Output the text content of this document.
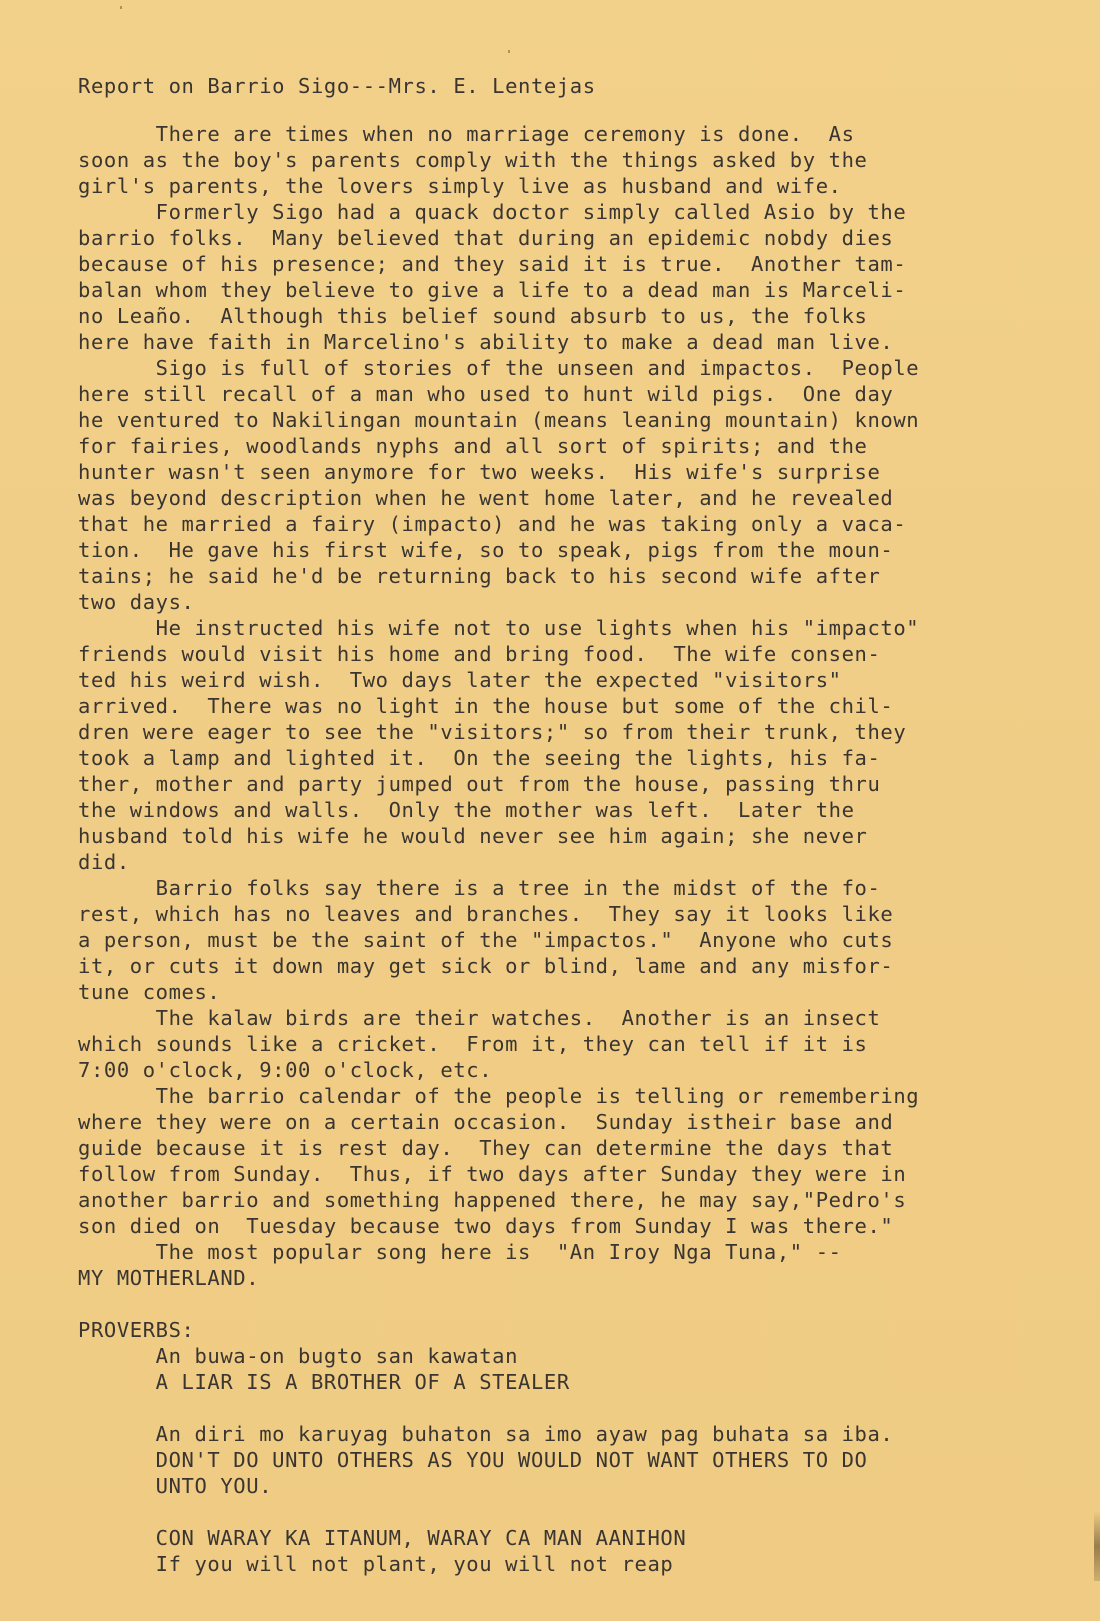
Report on Barrio Sigo---Mrs. E. Lentejas
There are times when no marriage ceremony is done.  As
soon as the boy's parents comply with the things asked by the
girl's parents, the lovers simply live as husband and wife.
Formerly Sigo had a quack doctor simply called Asio by the
barrio folks.  Many believed that during an epidemic nobdy dies
because of his presence; and they said it is true.  Another tam-
balan whom they believe to give a life to a dead man is Marceli-
no Leaño.  Although this belief sound absurb to us, the folks
here have faith in Marcelino's ability to make a dead man live.
Sigo is full of stories of the unseen and impactos.  People
here still recall of a man who used to hunt wild pigs.  One day
he ventured to Nakilingan mountain (means leaning mountain) known
for fairies, woodlands nyphs and all sort of spirits; and the
hunter wasn't seen anymore for two weeks.  His wife's surprise
was beyond description when he went home later, and he revealed
that he married a fairy (impacto) and he was taking only a vaca-
tion.  He gave his first wife, so to speak, pigs from the moun-
tains; he said he'd be returning back to his second wife after
two days.
He instructed his wife not to use lights when his "impacto"
friends would visit his home and bring food.  The wife consen-
ted his weird wish.  Two days later the expected "visitors"
arrived.  There was no light in the house but some of the chil-
dren were eager to see the "visitors;" so from their trunk, they
took a lamp and lighted it.  On the seeing the lights, his fa-
ther, mother and party jumped out from the house, passing thru
the windows and walls.  Only the mother was left.  Later the
husband told his wife he would never see him again; she never
did.
Barrio folks say there is a tree in the midst of the fo-
rest, which has no leaves and branches.  They say it looks like
a person, must be the saint of the "impactos."  Anyone who cuts
it, or cuts it down may get sick or blind, lame and any misfor-
tune comes.
The kalaw birds are their watches.  Another is an insect
which sounds like a cricket.  From it, they can tell if it is
7:00 o'clock, 9:00 o'clock, etc.
The barrio calendar of the people is telling or remembering
where they were on a certain occasion.  Sunday istheir base and
guide because it is rest day.  They can determine the days that
follow from Sunday.  Thus, if two days after Sunday they were in
another barrio and something happened there, he may say,"Pedro's
son died on  Tuesday because two days from Sunday I was there."
The most popular song here is  "An Iroy Nga Tuna," --
MY MOTHERLAND.
PROVERBS:
An buwa-on bugto san kawatan
A LIAR IS A BROTHER OF A STEALER
An diri mo karuyag buhaton sa imo ayaw pag buhata sa iba.
DON'T DO UNTO OTHERS AS YOU WOULD NOT WANT OTHERS TO DO
UNTO YOU.
CON WARAY KA ITANUM, WARAY CA MAN AANIHON
If you will not plant, you will not reap
